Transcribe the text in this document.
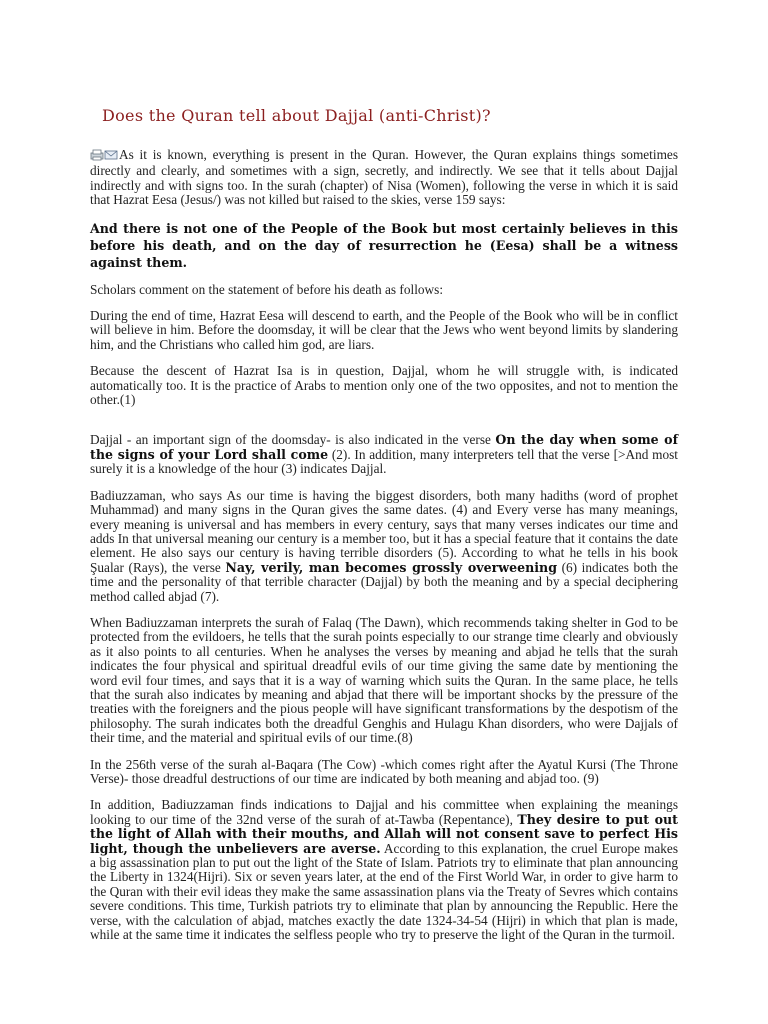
Does the Quran tell about Dajjal (anti-Christ)?

As it is known, everything is present in the Quran. However, the Quran explains things sometimes directly and clearly, and sometimes with a sign, secretly, and indirectly. We see that it tells about Dajjal indirectly and with signs too. In the surah (chapter) of Nisa (Women), following the verse in which it is said that Hazrat Eesa (Jesus/) was not killed but raised to the skies, verse 159 says:

And there is not one of the People of the Book but most certainly believes in this before his death, and on the day of resurrection he (Eesa) shall be a witness against them.

Scholars comment on the statement of before his death as follows:

During the end of time, Hazrat Eesa will descend to earth, and the People of the Book who will be in conflict will believe in him. Before the doomsday, it will be clear that the Jews who went beyond limits by slandering him, and the Christians who called him god, are liars.

Because the descent of Hazrat Isa is in question, Dajjal, whom he will struggle with, is indicated automatically too. It is the practice of Arabs to mention only one of the two opposites, and not to mention the other.(1)

Dajjal - an important sign of the doomsday- is also indicated in the verse On the day when some of the signs of your Lord shall come (2). In addition, many interpreters tell that the verse [>And most surely it is a knowledge of the hour (3) indicates Dajjal.

Badiuzzaman, who says As our time is having the biggest disorders, both many hadiths (word of prophet Muhammad) and many signs in the Quran gives the same dates. (4) and Every verse has many meanings, every meaning is universal and has members in every century, says that many verses indicates our time and adds In that universal meaning our century is a member too, but it has a special feature that it contains the date element. He also says our century is having terrible disorders (5). According to what he tells in his book Şualar (Rays), the verse Nay, verily, man becomes grossly overweening (6) indicates both the time and the personality of that terrible character (Dajjal) by both the meaning and by a special deciphering method called abjad (7).

When Badiuzzaman interprets the surah of Falaq (The Dawn), which recommends taking shelter in God to be protected from the evildoers, he tells that the surah points especially to our strange time clearly and obviously as it also points to all centuries. When he analyses the verses by meaning and abjad he tells that the surah indicates the four physical and spiritual dreadful evils of our time giving the same date by mentioning the word evil four times, and says that it is a way of warning which suits the Quran. In the same place, he tells that the surah also indicates by meaning and abjad that there will be important shocks by the pressure of the treaties with the foreigners and the pious people will have significant transformations by the despotism of the philosophy. The surah indicates both the dreadful Genghis and Hulagu Khan disorders, who were Dajjals of their time, and the material and spiritual evils of our time.(8)

In the 256th verse of the surah al-Baqara (The Cow) -which comes right after the Ayatul Kursi (The Throne Verse)- those dreadful destructions of our time are indicated by both meaning and abjad too. (9)

In addition, Badiuzzaman finds indications to Dajjal and his committee when explaining the meanings looking to our time of the 32nd verse of the surah of at-Tawba (Repentance), They desire to put out the light of Allah with their mouths, and Allah will not consent save to perfect His light, though the unbelievers are averse. According to this explanation, the cruel Europe makes a big assassination plan to put out the light of the State of Islam. Patriots try to eliminate that plan announcing the Liberty in 1324(Hijri). Six or seven years later, at the end of the First World War, in order to give harm to the Quran with their evil ideas they make the same assassination plans via the Treaty of Sevres which contains severe conditions. This time, Turkish patriots try to eliminate that plan by announcing the Republic. Here the verse, with the calculation of abjad, matches exactly the date 1324-34-54 (Hijri) in which that plan is made, while at the same time it indicates the selfless people who try to preserve the light of the Quran in the turmoil.
